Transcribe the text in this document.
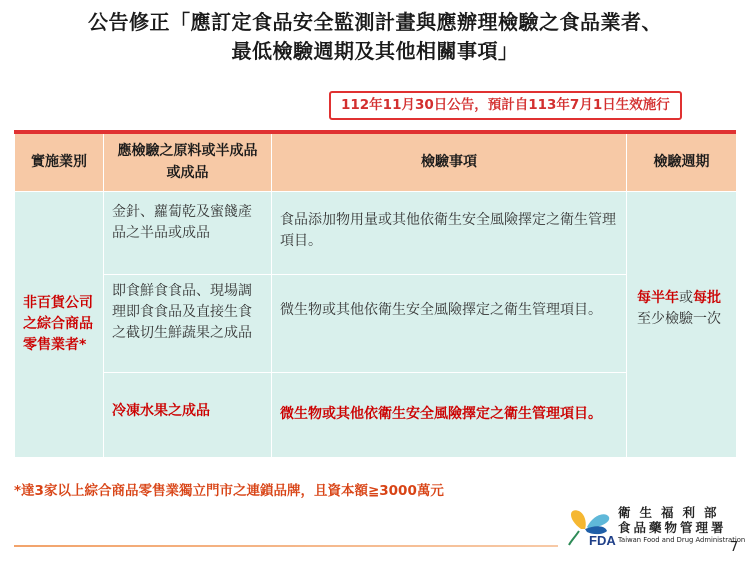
公告修正「應訂定食品安全監測計畫與應辦理檢驗之食品業者、
最低檢驗週期及其他相關事項」
112年11月30日公告，預計自113年7月1日生效施行
實施業別	應檢驗之原料或半成品或成品	檢驗事項	檢驗週期
非百貨公司之綜合商品零售業者*	金針、蘿蔔乾及蜜餞產品之半品或成品	食品添加物用量或其他依衛生安全風險擇定之衛生管理項目。	每半年或每批至少檢驗一次
	即食鮮食食品、現場調理即食食品及直接生食之截切生鮮蔬果之成品	微生物或其他依衛生安全風險擇定之衛生管理項目。	
	冷凍水果之成品	微生物或其他依衛生安全風險擇定之衛生管理項目。	
*達3家以上綜合商品零售業獨立門市之連鎖品牌，且資本額≧3000萬元
FDA
衛生福利部
食品藥物管理署
Taiwan Food and Drug Administration
7
